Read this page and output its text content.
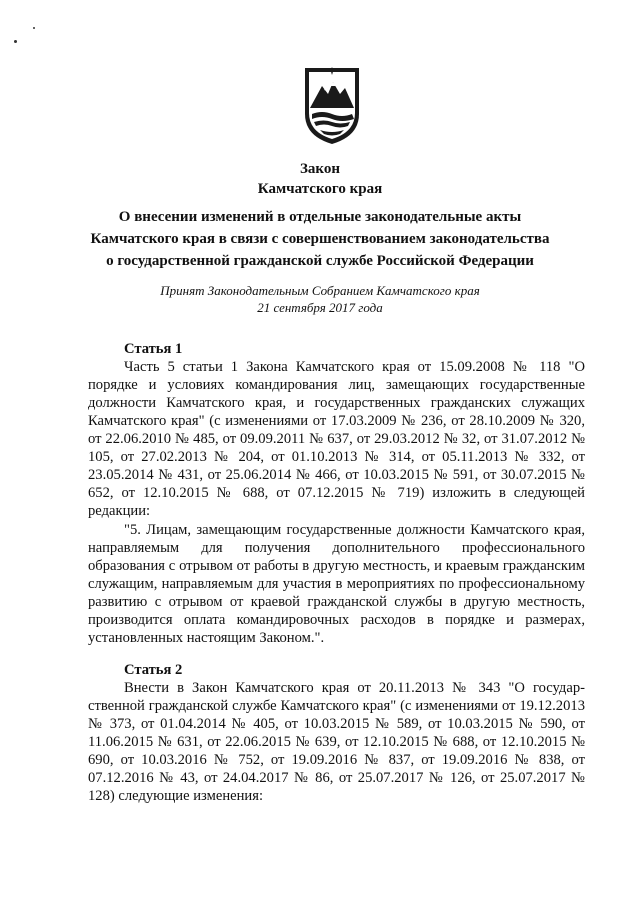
Закон
Камчатского края
О внесении изменений в отдельные законодательные акты
Камчатского края в связи с совершенствованием законодательства
о государственной гражданской службе Российской Федерации
Принят Законодательным Собранием Камчатского края
21 сентября 2017 года
Статья 1

Часть 5 статьи 1 Закона Камчатского края от 15.09.2008 № 118 "О порядке и условиях командирования лиц, замещающих государственные должности Камчатского края, и государственных гражданских служащих Камчатского края" (с изменениями от 17.03.2009 № 236, от 28.10.2009 № 320, от 22.06.2010 № 485, от 09.09.2011 № 637, от 29.03.2012 № 32, от 31.07.2012 № 105, от 27.02.2013 № 204, от 01.10.2013 № 314, от 05.11.2013 № 332, от 23.05.2014 № 431, от 25.06.2014 № 466, от 10.03.2015 № 591, от 30.07.2015 № 652, от 12.10.2015 № 688, от 07.12.2015 № 719) изложить в следующей редакции:

"5. Лицам, замещающим государственные должности Камчатского края, направляемым для получения дополнительного профессионального образования с отрывом от работы в другую местность, и краевым гражданским служащим, направляемым для участия в мероприятиях по профессиональному развитию с отрывом от краевой гражданской службы в другую местность, производится оплата командировочных расходов в порядке и размерах, установленных настоящим Законом.".

Статья 2

Внести в Закон Камчатского края от 20.11.2013 № 343 "О государственной гражданской службе Камчатского края" (с изменениями от 19.12.2013 № 373, от 01.04.2014 № 405, от 10.03.2015 № 589, от 10.03.2015 № 590, от 11.06.2015 № 631, от 22.06.2015 № 639, от 12.10.2015 № 688, от 12.10.2015 № 690, от 10.03.2016 № 752, от 19.09.2016 № 837, от 19.09.2016 № 838, от 07.12.2016 № 43, от 24.04.2017 № 86, от 25.07.2017 № 126, от 25.07.2017 № 128) следующие изменения:
